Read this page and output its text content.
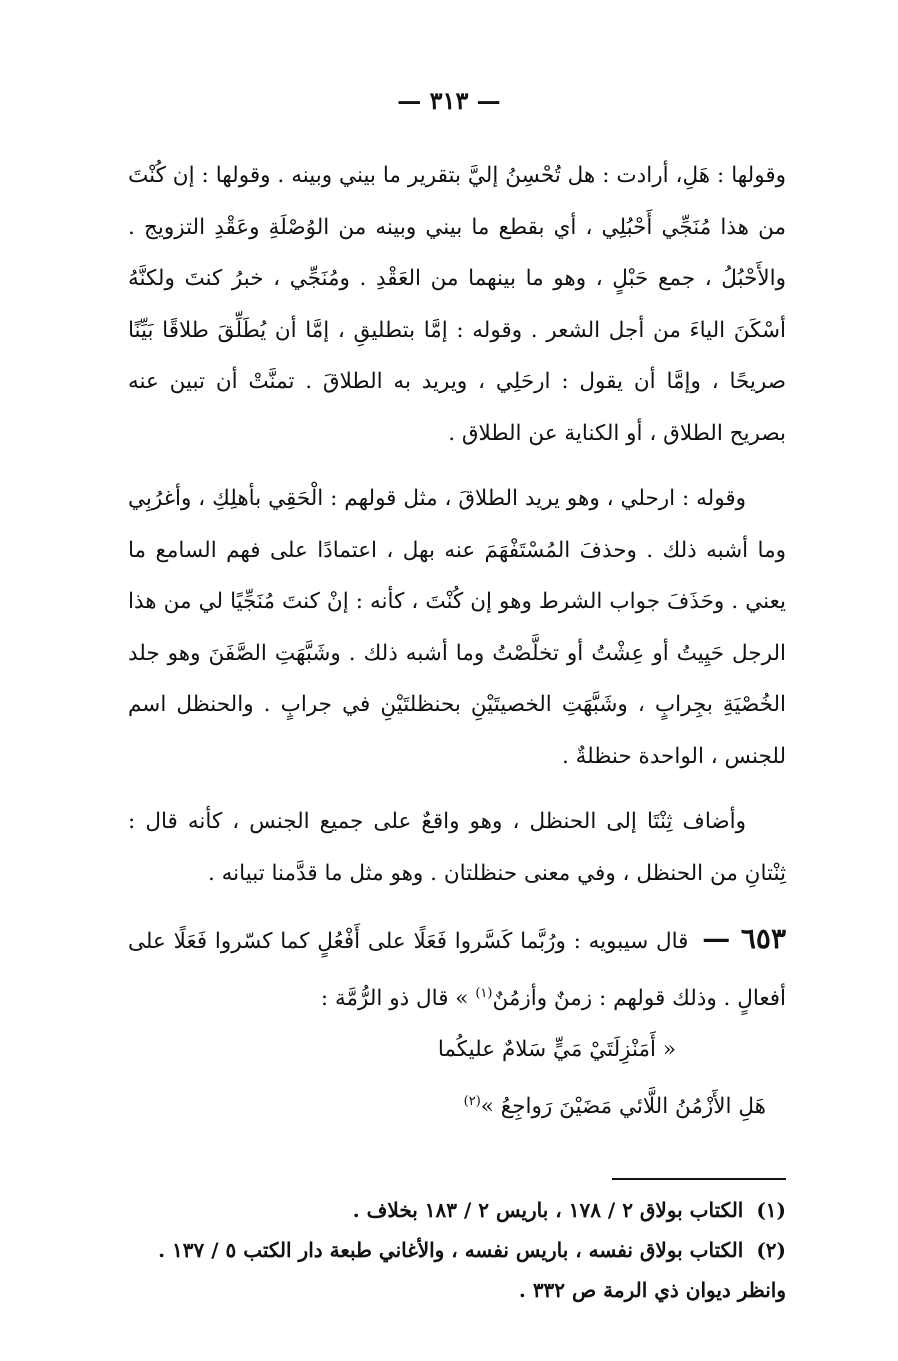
— ٣١٣ —

وقولها : هَلِ، أرادت : هل تُحْسِنُ إليَّ بتقرير ما بيني وبينه . وقولها : إن كُنْتَ من هذا مُنَجِّي أَحْبُلِي ، أي بقطع ما بيني وبينه من الوُصْلَةِ وعَقْدِ التزويج . والأَحْبُلُ ، جمع حَبْلٍ ، وهو ما بينهما من العَقْدِ . ومُنَجِّي ، خبرُ كنتَ ولكنَّهُ أسْكَنَ الياءَ من أجل الشعر . وقوله : إمَّا بتطليقِ ، إمَّا أن يُطَلِّقَ طلاقًا بَيِّنًا صريحًا ، وإمَّا أن يقول : ارحَلِي ، ويريد به الطلاقَ . تمنَّتْ أن تبين عنه بصريح الطلاق ، أو الكناية عن الطلاق .

وقوله : ارحلي ، وهو يريد الطلاقَ ، مثل قولهم : الْحَقِي بأهلِكِ ، وأغرُبِي وما أشبه ذلك . وحذفَ المُسْتَفْهَمَ عنه بهل ، اعتمادًا على فهم السامع ما يعني . وحَذَفَ جواب الشرط وهو إن كُنْتَ ، كأنه : إنْ كنتَ مُنَجِّيًا لي من هذا الرجل حَيِيتُ أو عِشْتُ أو تخلَّصْتُ وما أشبه ذلك . وشَبَّهَتِ الصَّفَنَ وهو جلد الخُصْيَةِ بجِرابٍ ، وشَبَّهَتِ الخصيتَيْنِ بحنظلتَيْنِ في جرابٍ . والحنظل اسم للجنس ، الواحدة حنظلةٌ .

وأضاف ثِنْتَا إلى الحنظل ، وهو واقعٌ على جميع الجنس ، كأنه قال : ثِنْتانِ من الحنظل ، وفي معنى حنظلتان . وهو مثل ما قدَّمنا تبيانه .

٦٥٣ — قال سيبويه : ورُبَّما كَسَّروا فَعَلًا على أَفْعُلٍ كما كسّروا فَعَلًا على أفعالٍ . وذلك قولهم : زمنٌ وأزمُنٌ$^{(١)}$ » قال ذو الرُّمَّة :

« أَمَنْزِلَتَيْ مَيٍّ سَلامٌ عليكُما

هَلِ الأَزْمُنُ اللَّائي مَضَيْنَ رَواجِعُ »$^{(٢)}$

(١) الكتاب بولاق ٢ / ١٧٨ ، باريس ٢ / ١٨٣ بخلاف .

(٢) الكتاب بولاق نفسه ، باريس نفسه ، والأغاني طبعة دار الكتب ٥ / ١٣٧ . وانظر ديوان ذي الرمة ص ٣٣٢ .
